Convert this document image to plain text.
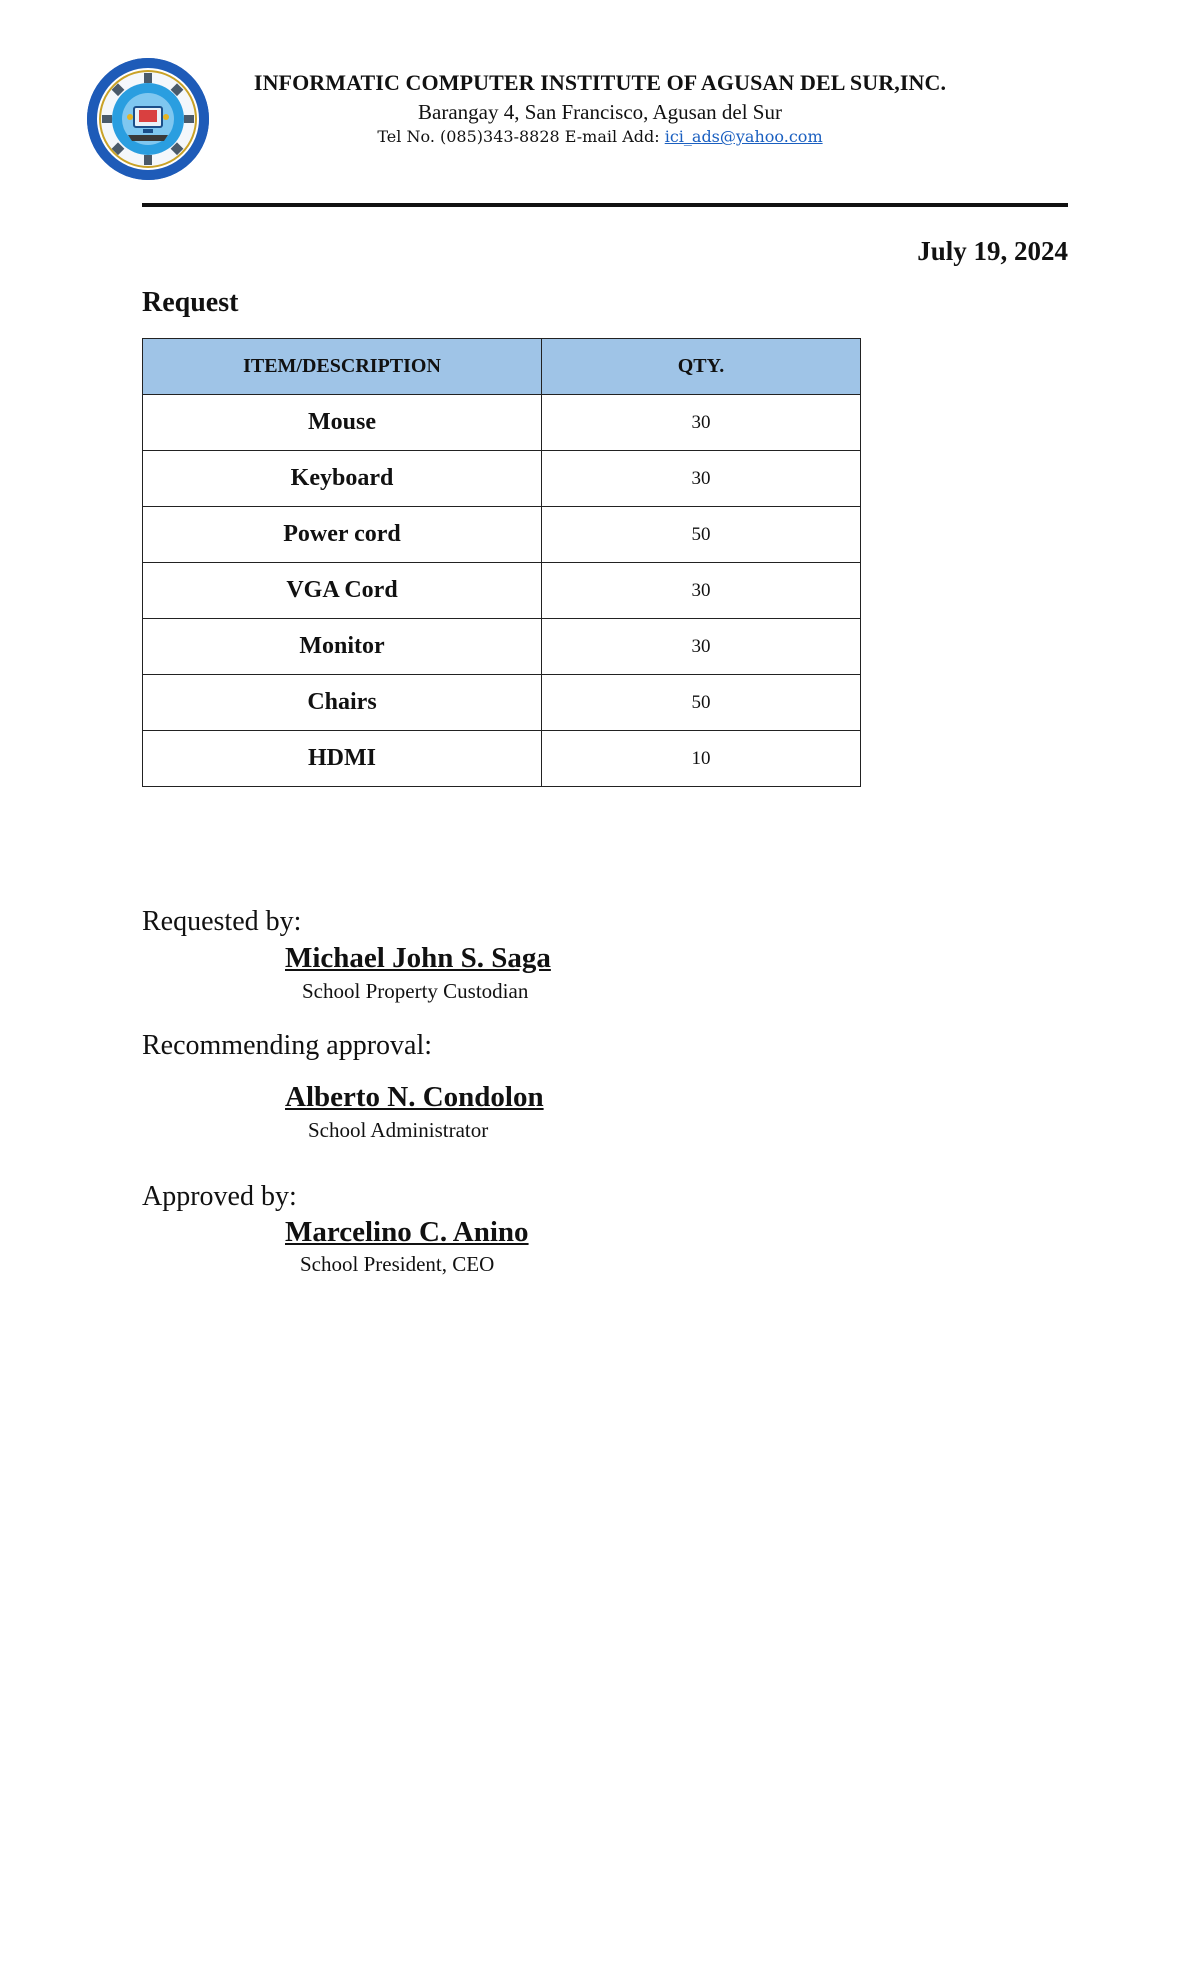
INFORMATIC COMPUTER INSTITUTE OF AGUSAN DEL SUR,INC.
Barangay 4, San Francisco, Agusan del Sur
Tel No. (085)343-8828 E-mail Add: ici_ads@yahoo.com
July 19, 2024
Request
ITEM/DESCRIPTION	QTY.
Mouse	30
Keyboard	30
Power cord	50
VGA Cord	30
Monitor	30
Chairs	50
HDMI	10
Requested by:
Michael John S. Saga
School Property Custodian
Recommending approval:
Alberto N. Condolon
School Administrator
Approved by:
Marcelino C. Anino
School President, CEO
